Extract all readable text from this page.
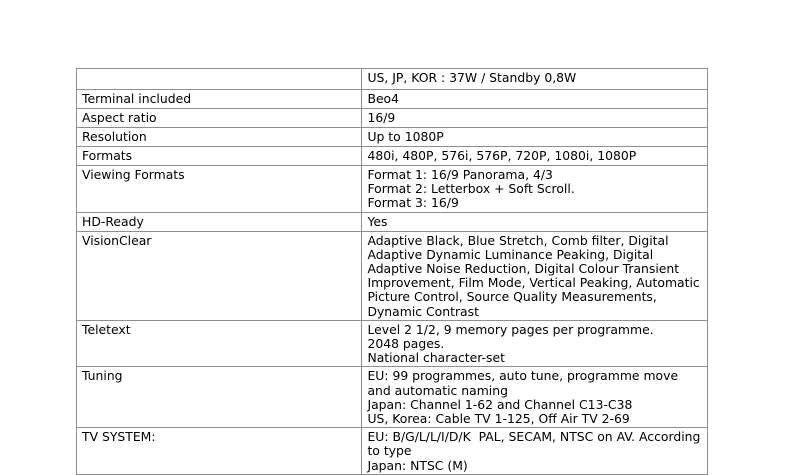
	US, JP, KOR : 37W / Standby 0,8W

Terminal included	Beo4

Aspect ratio	16/9

Resolution	Up to 1080P

Formats	480i, 480P, 576i, 576P, 720P, 1080i, 1080P

Viewing Formats	Format 1: 16/9 Panorama, 4/3
Format 2: Letterbox + Soft Scroll.
Format 3: 16/9

HD-Ready	Yes

VisionClear	Adaptive Black, Blue Stretch, Comb filter, Digital Adaptive Dynamic Luminance Peaking, Digital Adaptive Noise Reduction, Digital Colour Transient Improvement, Film Mode, Vertical Peaking, Automatic Picture Control, Source Quality Measurements, Dynamic Contrast

Teletext	Level 2 1/2, 9 memory pages per programme.
2048 pages.
National character-set

Tuning	EU: 99 programmes, auto tune, programme move and automatic naming
Japan: Channel 1-62 and Channel C13-C38
US, Korea: Cable TV 1-125, Off Air TV 2-69

TV SYSTEM:	EU: B/G/L/L/I/D/K  PAL, SECAM, NTSC on AV. According to type
Japan: NTSC (M)
